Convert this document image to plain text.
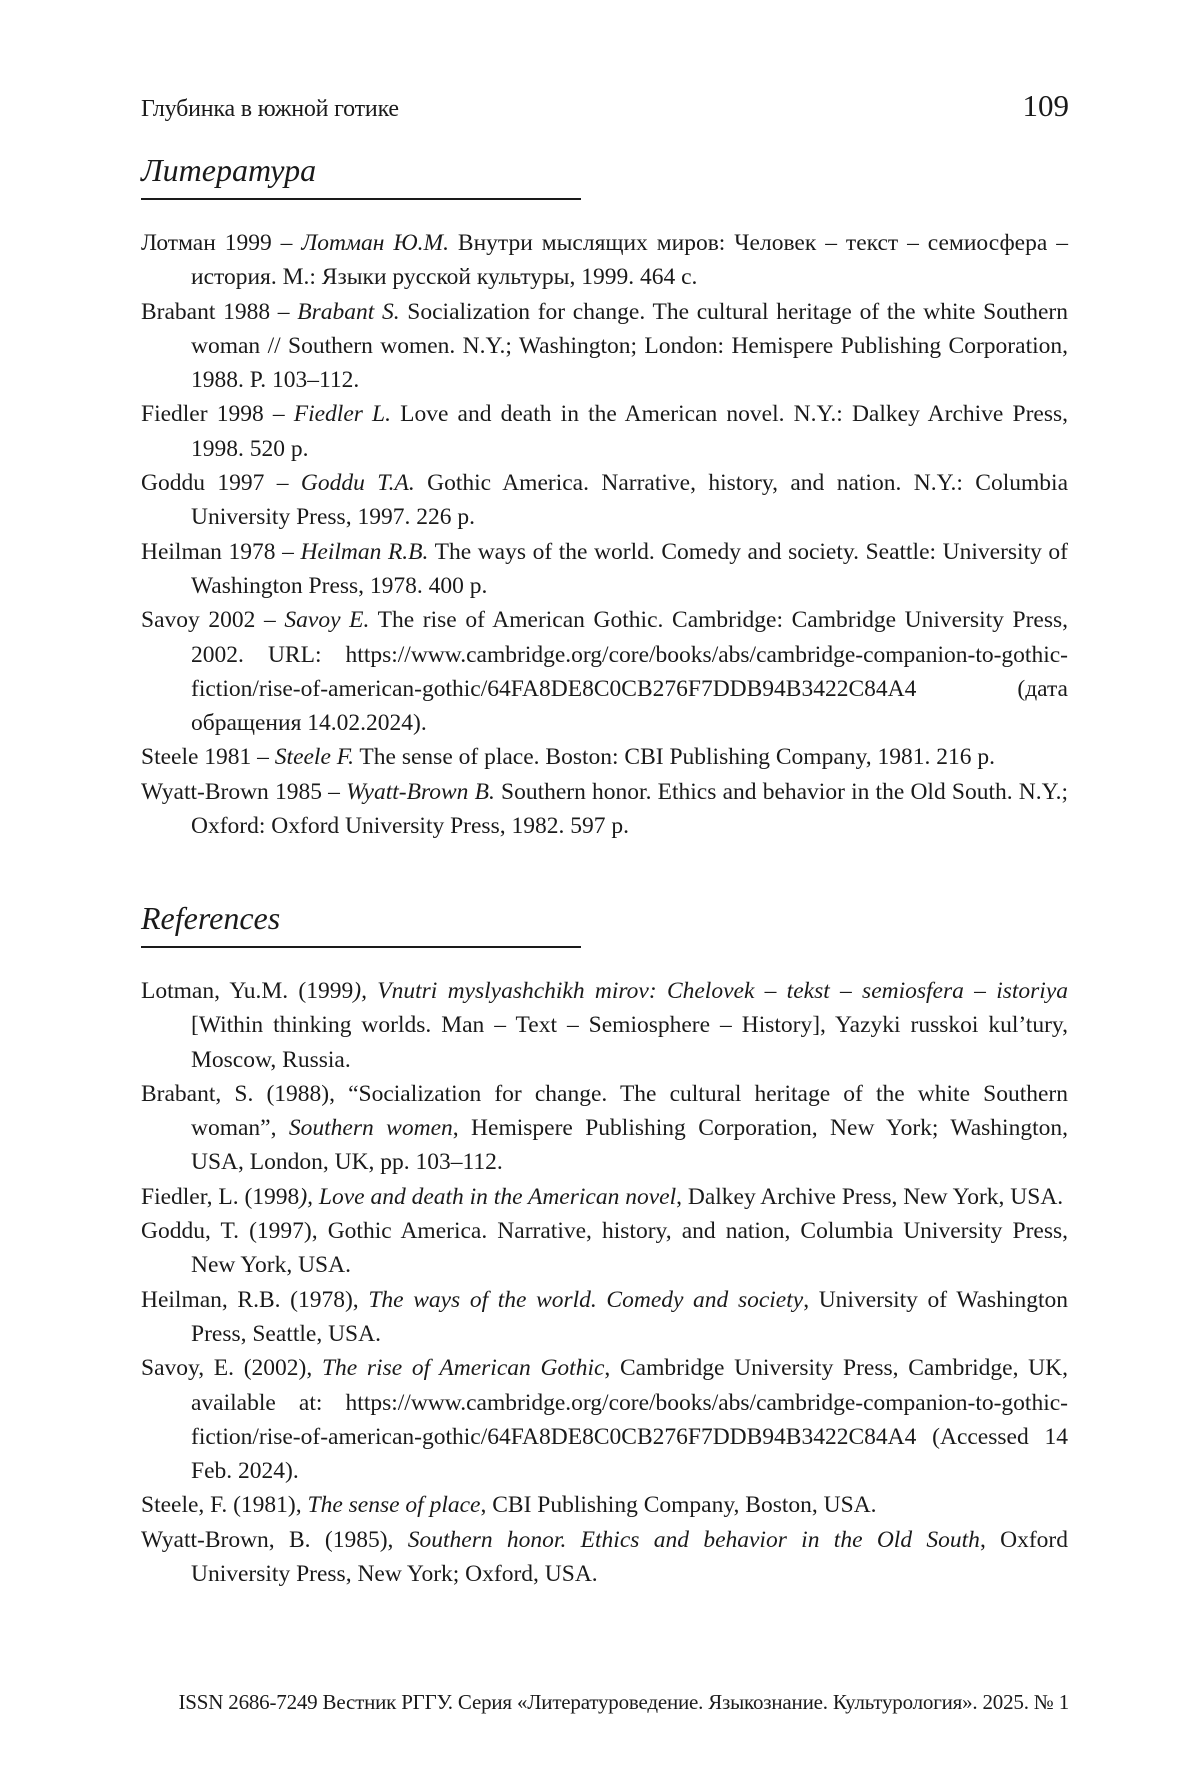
Глубинка в южной готике	109
Литература
Лотман 1999 – Лотман Ю.М. Внутри мыслящих миров: Человек – текст – семиосфера – история. М.: Языки русской культуры, 1999. 464 с.
Brabant 1988 – Brabant S. Socialization for change. The cultural heritage of the white Southern woman // Southern women. N.Y.; Washington; London: Hemispere Publishing Corporation, 1988. P. 103–112.
Fiedler 1998 – Fiedler L. Love and death in the American novel. N.Y.: Dalkey Archive Press, 1998. 520 p.
Goddu 1997 – Goddu T.A. Gothic America. Narrative, history, and nation. N.Y.: Columbia University Press, 1997. 226 p.
Heilman 1978 – Heilman R.B. The ways of the world. Comedy and society. Seattle: University of Washington Press, 1978. 400 p.
Savoy 2002 – Savoy E. The rise of American Gothic. Cambridge: Cambridge University Press, 2002. URL: https://www.cambridge.org/core/books/abs/cambridge-companion-to-gothic-fiction/rise-of-american-gothic/64FA8DE8C0CB276F7DDB94B3422C84A4 (дата обращения 14.02.2024).
Steele 1981 – Steele F. The sense of place. Boston: CBI Publishing Company, 1981. 216 p.
Wyatt-Brown 1985 – Wyatt-Brown B. Southern honor. Ethics and behavior in the Old South. N.Y.; Oxford: Oxford University Press, 1982. 597 p.
References
Lotman, Yu.M. (1999), Vnutri myslyashchikh mirov: Chelovek – tekst – semiosfera – istoriya [Within thinking worlds. Man – Text – Semiosphere – History], Yazyki russkoi kul’tury, Moscow, Russia.
Brabant, S. (1988), “Socialization for change. The cultural heritage of the white Southern woman”, Southern women, Hemispere Publishing Corporation, New York; Washington, USA, London, UK, pp. 103–112.
Fiedler, L. (1998), Love and death in the American novel, Dalkey Archive Press, New York, USA.
Goddu, T. (1997), Gothic America. Narrative, history, and nation, Columbia University Press, New York, USA.
Heilman, R.B. (1978), The ways of the world. Comedy and society, University of Washington Press, Seattle, USA.
Savoy, E. (2002), The rise of American Gothic, Cambridge University Press, Cambridge, UK, available at: https://www.cambridge.org/core/books/abs/cambridge-companion-to-gothic-fiction/rise-of-american-gothic/64FA8DE8C0CB276F7DDB94B3422C84A4 (Accessed 14 Feb. 2024).
Steele, F. (1981), The sense of place, CBI Publishing Company, Boston, USA.
Wyatt-Brown, B. (1985), Southern honor. Ethics and behavior in the Old South, Oxford University Press, New York; Oxford, USA.
ISSN 2686-7249 Вестник РГГУ. Серия «Литературоведение. Языкознание. Культурология». 2025. № 1
